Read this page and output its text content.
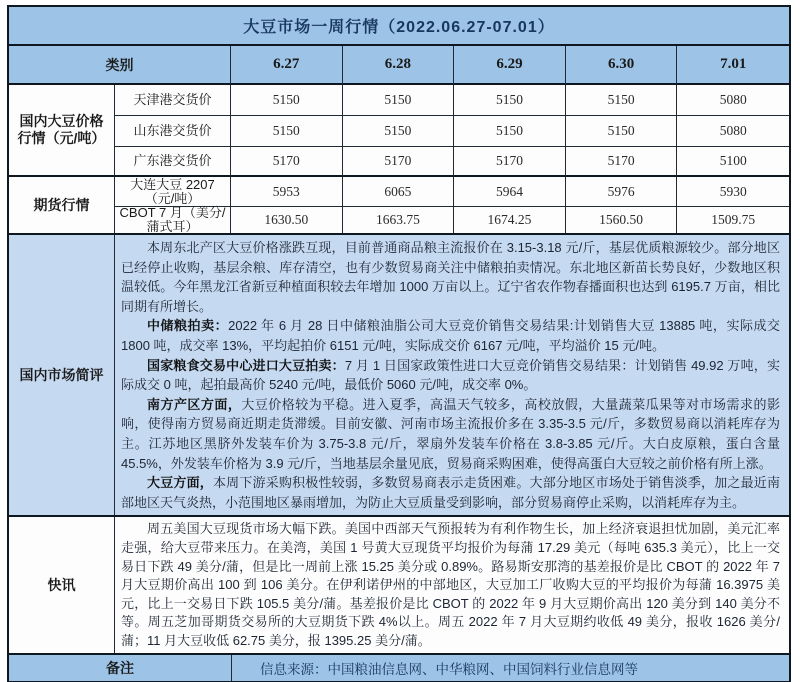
大豆市场一周行情（2022.06.27-07.01）
类别	6.27	6.28	6.29	6.30	7.01
国内大豆价格行情（元/吨）
天津港交货价	5150	5150	5150	5150	5080
山东港交货价	5150	5150	5150	5150	5080
广东港交货价	5170	5170	5170	5170	5100
期货行情
大连大豆 2207（元/吨）	5953	6065	5964	5976	5930
CBOT 7 月（美分/蒲式耳）	1630.50	1663.75	1674.25	1560.50	1509.75
国内市场简评

本周东北产区大豆价格涨跌互现，目前普通商品粮主流报价在 3.15-3.18 元/斤，基层优质粮源较少。部分地区已经停止收购，基层余粮、库存清空，也有少数贸易商关注中储粮拍卖情况。东北地区新苗长势良好，少数地区积温较低。今年黑龙江省新豆种植面积较去年增加 1000 万亩以上。辽宁省农作物春播面积也达到 6195.7 万亩，相比同期有所增长。

中储粮拍卖：2022 年 6 月 28 日中储粮油脂公司大豆竞价销售交易结果:计划销售大豆 13885 吨，实际成交 1800 吨，成交率 13%，平均起拍价 6151 元/吨，实际成交价 6167 元/吨，平均溢价 15 元/吨。

国家粮食交易中心进口大豆拍卖：7 月 1 日国家政策性进口大豆竞价销售交易结果：计划销售 49.92 万吨，实际成交 0 吨，起拍最高价 5240 元/吨，最低价 5060 元/吨，成交率 0%。

南方产区方面，大豆价格较为平稳。进入夏季，高温天气较多，高校放假，大量蔬菜瓜果等对市场需求的影响，使得南方贸易商近期走货滞缓。目前安徽、河南市场主流报价多在 3.35-3.5 元/斤，多数贸易商以消耗库存为主。江苏地区黑脐外发装车价为 3.75-3.8 元/斤，翠扇外发装车价格在 3.8-3.85 元/斤。大白皮原粮，蛋白含量 45.5%，外发装车价格为 3.9 元/斤，当地基层余量见底，贸易商采购困难，使得高蛋白大豆较之前价格有所上涨。

大豆方面，本周下游采购积极性较弱，多数贸易商表示走货困难。大部分地区市场处于销售淡季，加之最近南部地区天气炎热，小范围地区暴雨增加，为防止大豆质量受到影响，部分贸易商停止采购，以消耗库存为主。

快讯

周五美国大豆现货市场大幅下跌。美国中西部天气预报转为有利作物生长，加上经济衰退担忧加剧，美元汇率走强，给大豆带来压力。在美湾，美国 1 号黄大豆现货平均报价为每蒲 17.29 美元（每吨 635.3 美元），比上一交易日下跌 49 美分/蒲，但是比一周前上涨 15.25 美分或 0.89%。路易斯安那湾的基差报价是比 CBOT 的 2022 年 7 月大豆期价高出 100 到 106 美分。在伊利诺伊州的中部地区，大豆加工厂收购大豆的平均报价为每蒲 16.3975 美元，比上一交易日下跌 105.5 美分/蒲。基差报价是比 CBOT 的 2022 年 9 月大豆期价高出 120 美分到 140 美分不等。周五芝加哥期货交易所的大豆期货下跌 4%以上。周五 2022 年 7 月大豆期约收低 49 美分，报收 1626 美分/蒲；11 月大豆收低 62.75 美分，报 1395.25 美分/蒲。

备注	信息来源：中国粮油信息网、中华粮网、中国饲料行业信息网等
